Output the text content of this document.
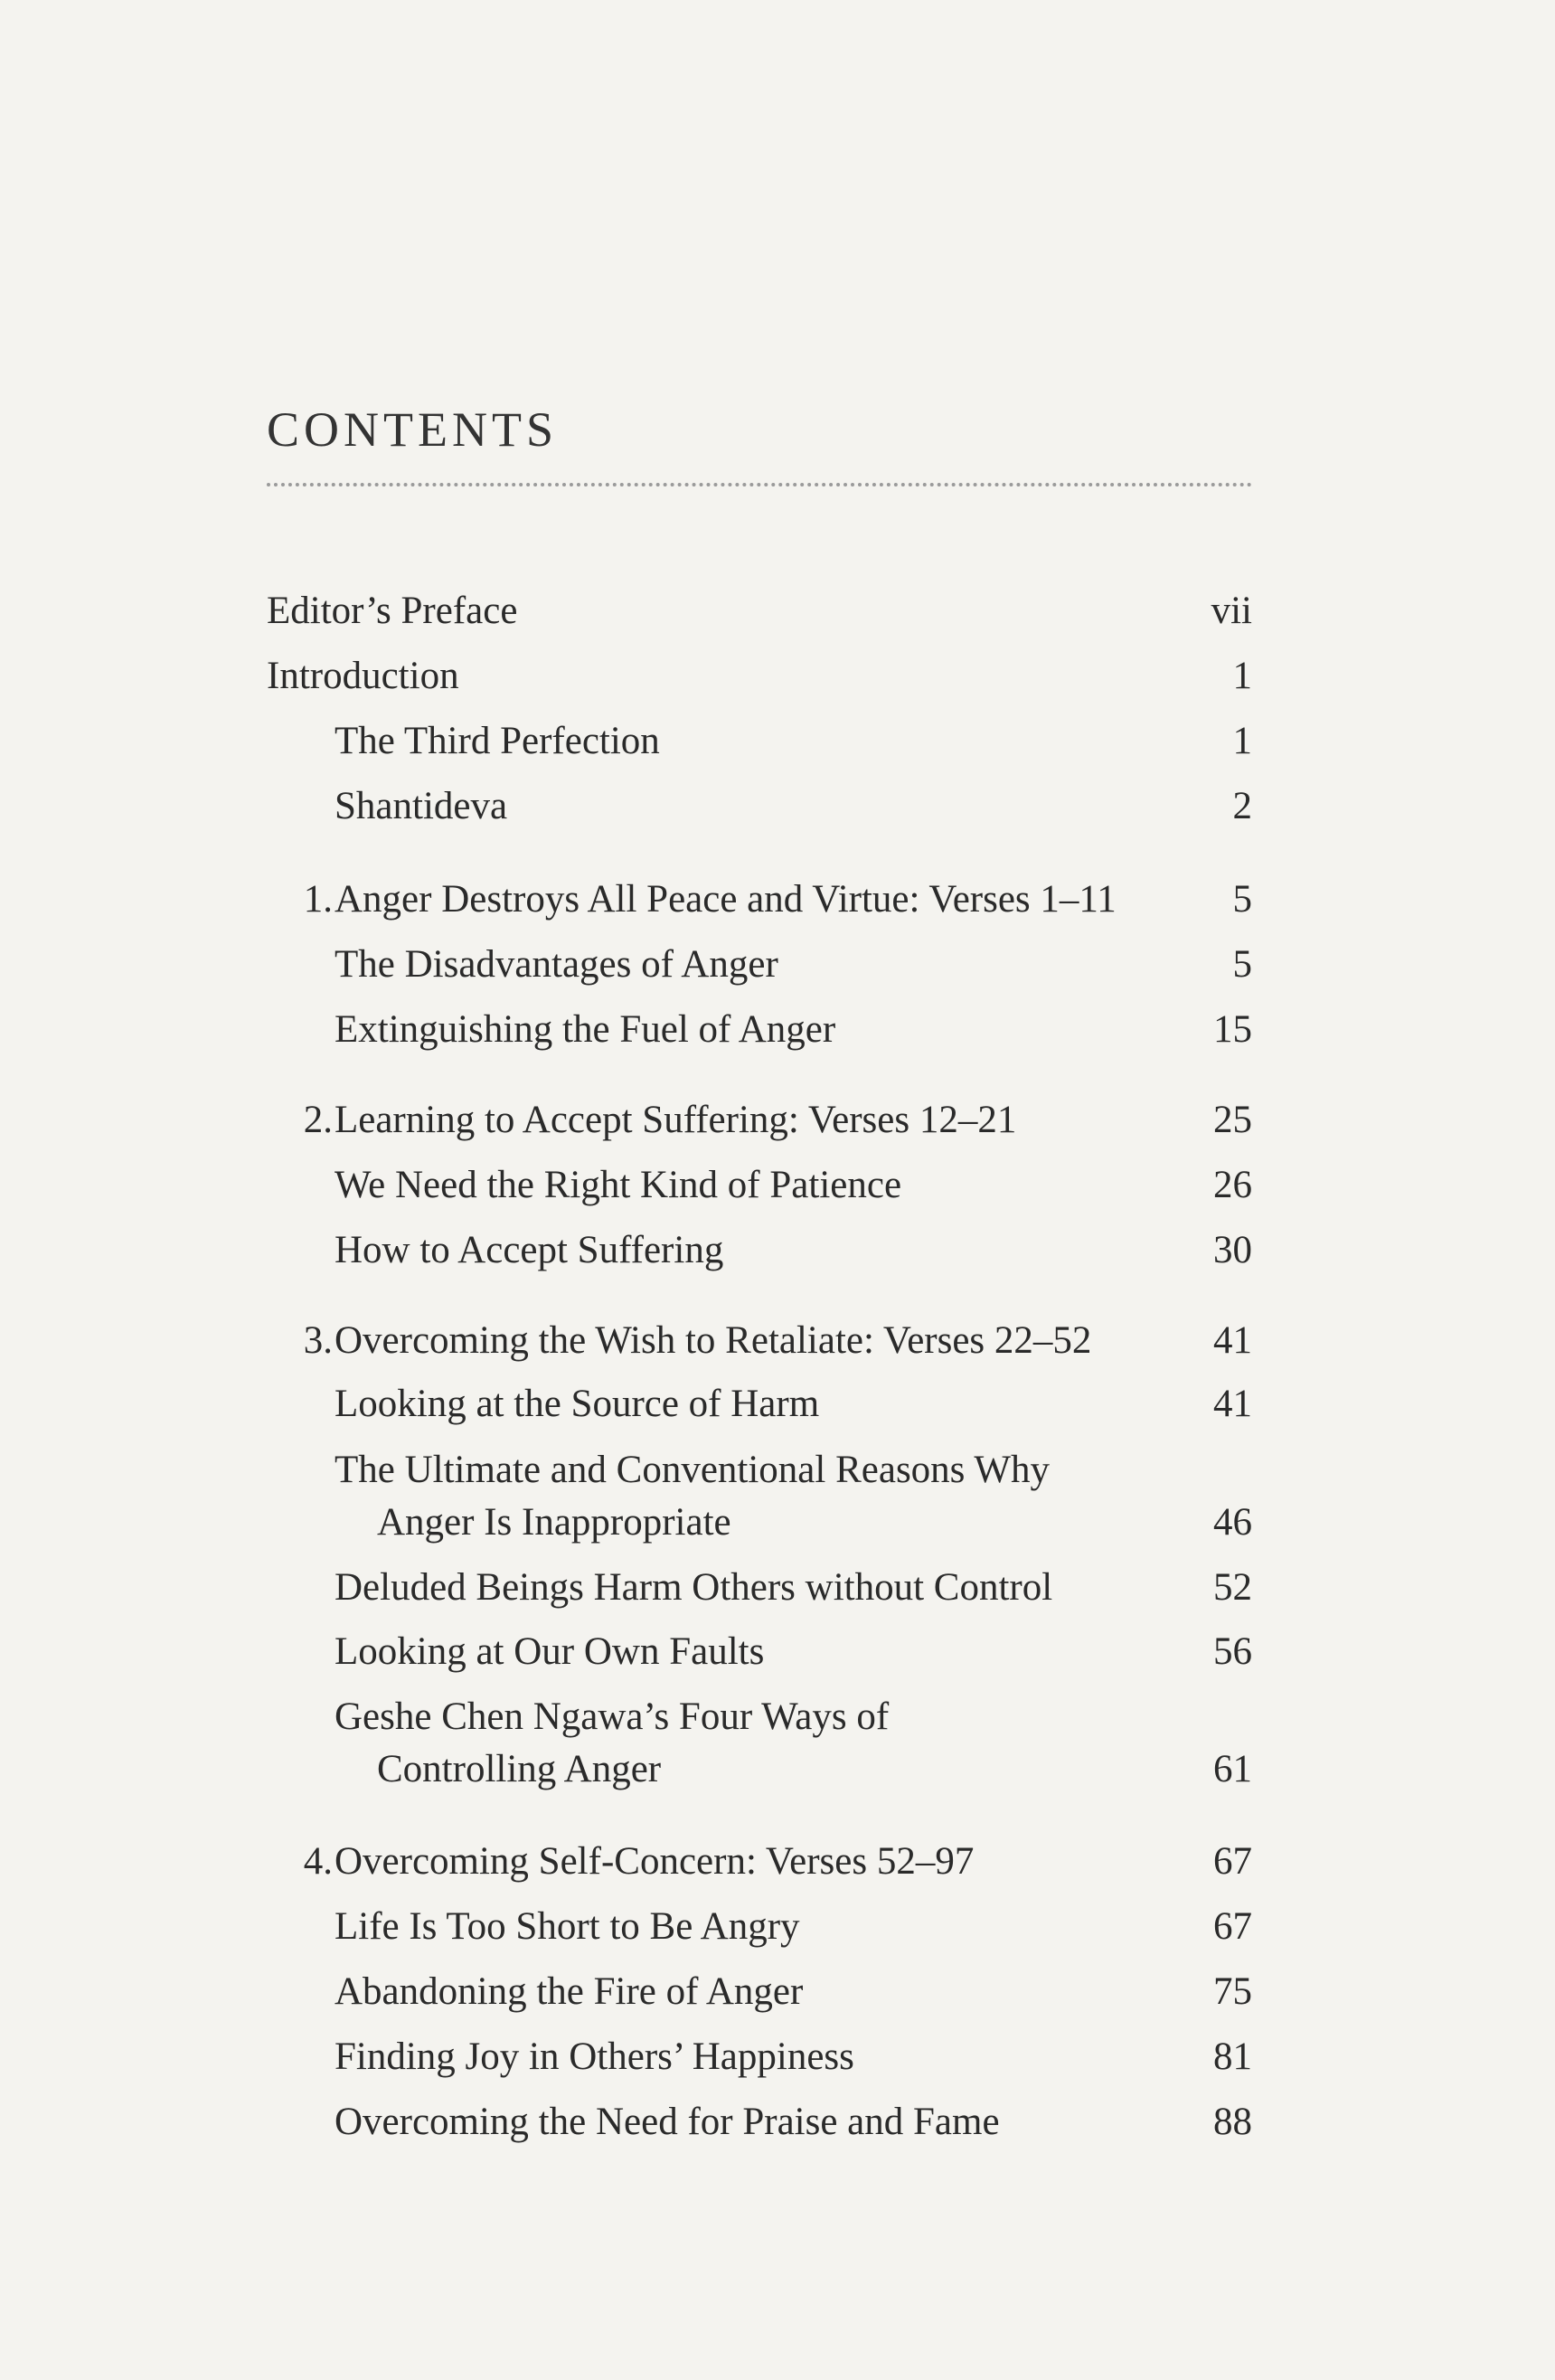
CONTENTS
Editor’s Preface	vii
Introduction	1
The Third Perfection	1
Shantideva	2
1. Anger Destroys All Peace and Virtue: Verses 1–11	5
The Disadvantages of Anger	5
Extinguishing the Fuel of Anger	15
2. Learning to Accept Suffering: Verses 12–21	25
We Need the Right Kind of Patience	26
How to Accept Suffering	30
3. Overcoming the Wish to Retaliate: Verses 22–52	41
Looking at the Source of Harm	41
The Ultimate and Conventional Reasons Why
Anger Is Inappropriate	46
Deluded Beings Harm Others without Control	52
Looking at Our Own Faults	56
Geshe Chen Ngawa’s Four Ways of
Controlling Anger	61
4. Overcoming Self-Concern: Verses 52–97	67
Life Is Too Short to Be Angry	67
Abandoning the Fire of Anger	75
Finding Joy in Others’ Happiness	81
Overcoming the Need for Praise and Fame	88
